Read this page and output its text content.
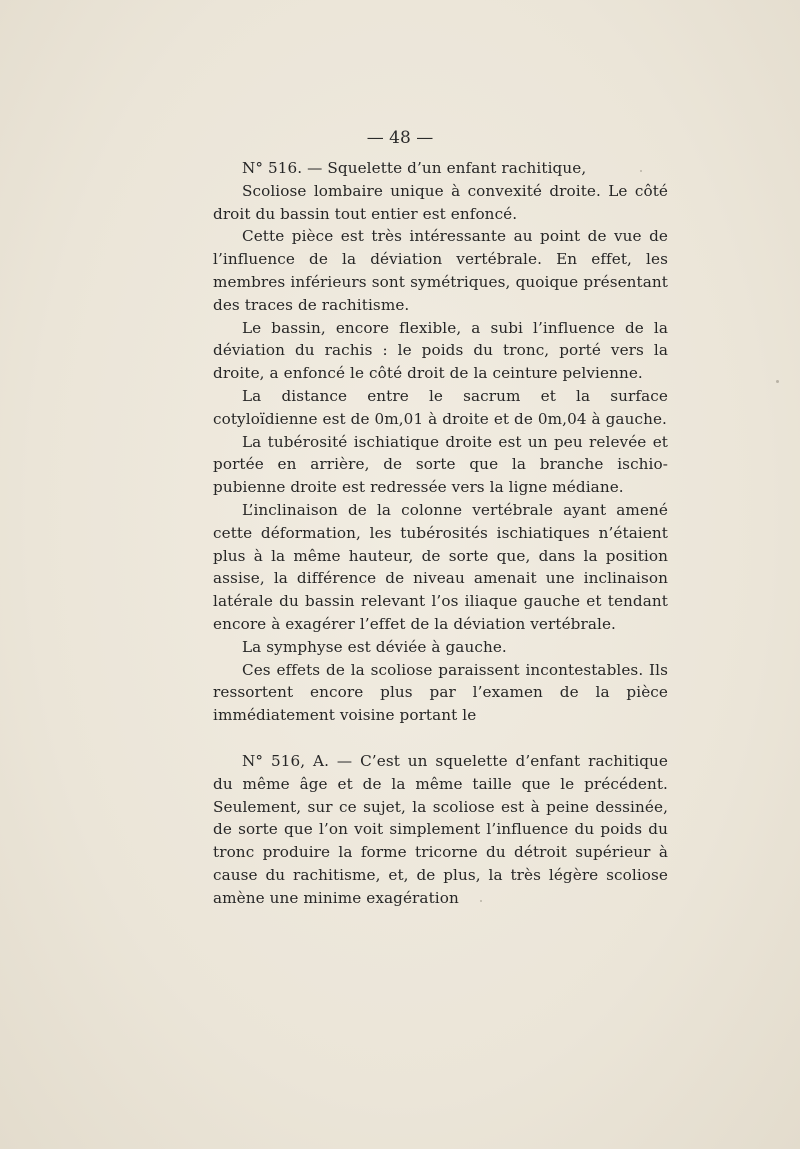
— 48 —

N° 516. — Squelette d’un enfant rachitique,

Scoliose lombaire unique à convexité droite. Le côté droit du bassin tout entier est enfoncé.

Cette pièce est très intéressante au point de vue de l’influence de la déviation vertébrale. En effet, les membres inférieurs sont symétriques, quoique présentant des traces de rachitisme.

Le bassin, encore flexible, a subi l’influence de la déviation du rachis : le poids du tronc, porté vers la droite, a enfoncé le côté droit de la ceinture pelvienne.

La distance entre le sacrum et la surface cotyloïdienne est de 0m,01 à droite et de 0m,04 à gauche.

La tubérosité ischiatique droite est un peu relevée et portée en arrière, de sorte que la branche ischio-pubienne droite est redressée vers la ligne médiane.

L’inclinaison de la colonne vertébrale ayant amené cette déformation, les tubérosités ischiatiques n’étaient plus à la même hauteur, de sorte que, dans la position assise, la différence de niveau amenait une inclinaison latérale du bassin relevant l’os iliaque gauche et tendant encore à exagérer l’effet de la déviation vertébrale.

La symphyse est déviée à gauche.

Ces effets de la scoliose paraissent incontestables. Ils ressortent encore plus par l’examen de la pièce immédiatement voisine portant le

N° 516, A. — C’est un squelette d’enfant rachitique du même âge et de la même taille que le précédent. Seulement, sur ce sujet, la scoliose est à peine dessinée, de sorte que l’on voit simplement l’influence du poids du tronc produire la forme tricorne du détroit supérieur à cause du rachitisme, et, de plus, la très légère scoliose amène une minime exagération
